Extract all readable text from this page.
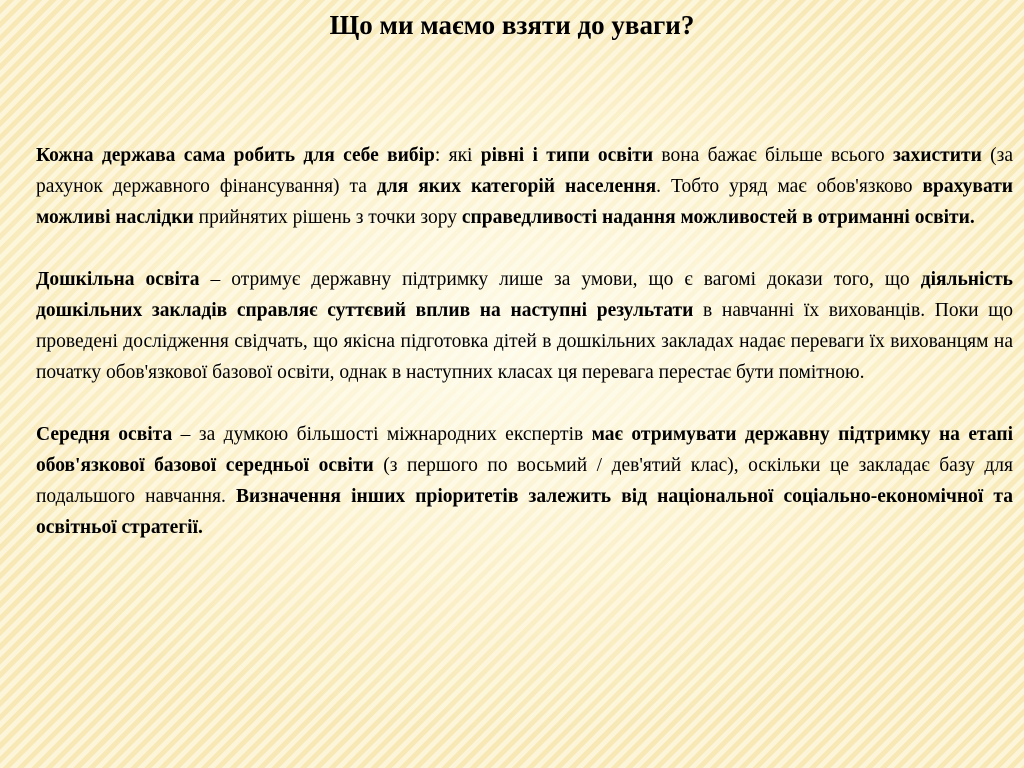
Що ми маємо взяти до уваги?

Кожна держава сама робить для себе вибір: які рівні і типи освіти вона бажає більше всього захистити (за рахунок державного фінансування) та для яких категорій населення. Тобто уряд має обов'язково врахувати можливі наслідки прийнятих рішень з точки зору справедливості надання можливостей в отриманні освіти.

Дошкільна освіта – отримує державну підтримку лише за умови, що є вагомі докази того, що діяльність дошкільних закладів справляє суттєвий вплив на наступні результати в навчанні їх вихованців. Поки що проведені дослідження свідчать, що якісна підготовка дітей в дошкільних закладах надає переваги їх вихованцям на початку обов'язкової базової освіти, однак в наступних класах ця перевага перестає бути помітною.

Середня освіта – за думкою більшості міжнародних експертів має отримувати державну підтримку на етапі обов'язкової базової середньої освіти (з першого по восьмий / дев'ятий клас), оскільки це закладає базу для подальшого навчання. Визначення інших пріоритетів залежить від національної соціально-економічної та освітньої стратегії.
